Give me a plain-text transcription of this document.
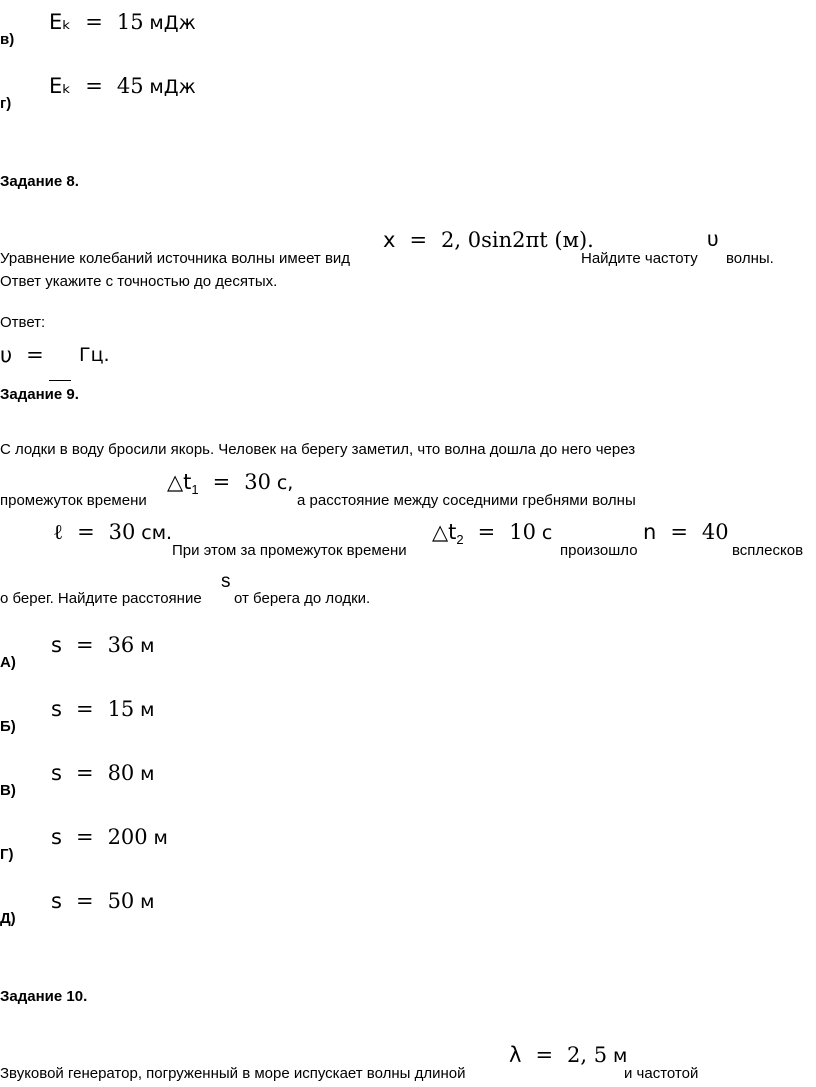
Eₖ = 15 мДж
в)
Eₖ = 45 мДж
г)
Задание 8.
x = 2, 0sin2πt (м).
Уравнение колебаний источника волны имеет вид	Найдите частоту
υ
волны.
Ответ укажите с точностью до десятых.
Ответ:
υ =	Гц.
Задание 9.
С лодки в воду бросили якорь. Человек на берегу заметил, что волна дошла до него через
промежуток времени
$\triangle t_1 = 30$ с,
а расстояние между соседними гребнями волны
ℓ = 30 см.
При этом за промежуток времени
$\triangle t_2 = 10$ с
произошло
n = 40
всплесков
о берег. Найдите расстояние
s
от берега до лодки.
s = 36 м
А)
s = 15 м
Б)
s = 80 м
В)
s = 200 м
Г)
s = 50 м
Д)
Задание 10.
Звуковой генератор, погруженный в море испускает волны длиной
λ = 2, 5 м
и частотой
